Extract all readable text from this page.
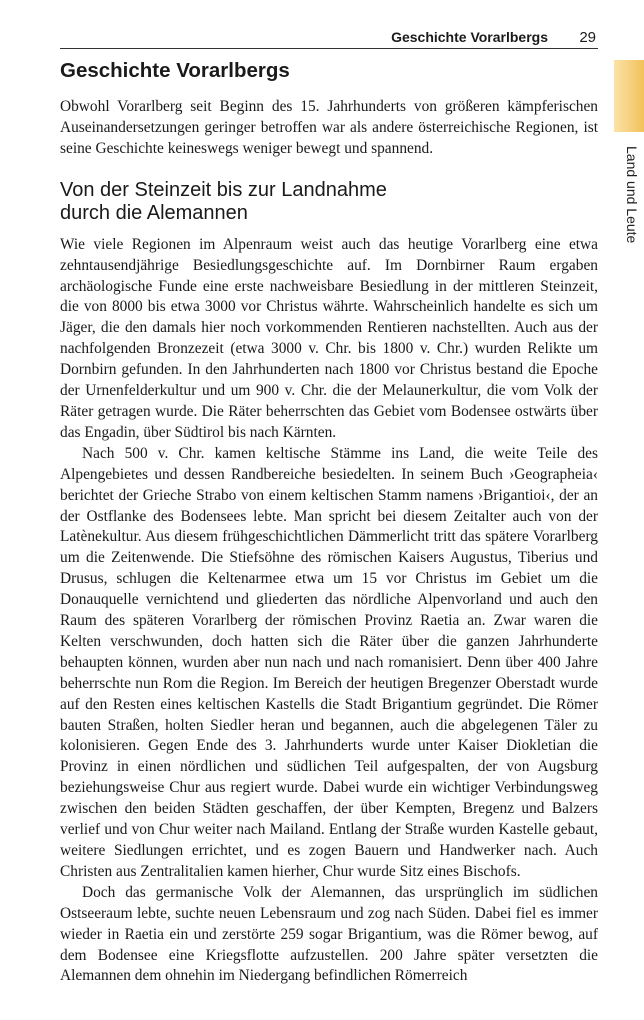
Geschichte Vorarlbergs 29
Land und Leute
Geschichte Vorarlbergs

Obwohl Vorarlberg seit Beginn des 15. Jahrhunderts von größeren kämpferischen Auseinandersetzungen geringer betroffen war als andere österreichische Regionen, ist seine Geschichte keineswegs weniger bewegt und spannend.

Von der Steinzeit bis zur Landnahme
durch die Alemannen

Wie viele Regionen im Alpenraum weist auch das heutige Vorarlberg eine etwa zehntausendjährige Besiedlungsgeschichte auf. Im Dornbirner Raum ergaben archäologische Funde eine erste nachweisbare Besiedlung in der mittleren Steinzeit, die von 8000 bis etwa 3000 vor Christus währte. Wahrscheinlich handelte es sich um Jäger, die den damals hier noch vorkommenden Rentieren nachstellten. Auch aus der nachfolgenden Bronzezeit (etwa 3000 v. Chr. bis 1800 v. Chr.) wurden Relikte um Dornbirn gefunden. In den Jahrhunderten nach 1800 vor Christus bestand die Epoche der Urnenfelderkultur und um 900 v. Chr. die der Melaunerkultur, die vom Volk der Räter getragen wurde. Die Räter beherrschten das Gebiet vom Bodensee ostwärts über das Engadin, über Südtirol bis nach Kärnten.

Nach 500 v. Chr. kamen keltische Stämme ins Land, die weite Teile des Alpengebietes und dessen Randbereiche besiedelten. In seinem Buch ›Geographeia‹ berichtet der Grieche Strabo von einem keltischen Stamm namens ›Brigantioi‹, der an der Ostflanke des Bodensees lebte. Man spricht bei diesem Zeitalter auch von der Latènekultur. Aus diesem frühgeschichtlichen Dämmerlicht tritt das spätere Vorarlberg um die Zeitenwende. Die Stiefsöhne des römischen Kaisers Augustus, Tiberius und Drusus, schlugen die Keltenarmee etwa um 15 vor Christus im Gebiet um die Donauquelle vernichtend und gliederten das nördliche Alpenvorland und auch den Raum des späteren Vorarlberg der römischen Provinz Raetia an. Zwar waren die Kelten verschwunden, doch hatten sich die Räter über die ganzen Jahrhunderte behaupten können, wurden aber nun nach und nach romanisiert. Denn über 400 Jahre beherrschte nun Rom die Region. Im Bereich der heutigen Bregenzer Oberstadt wurde auf den Resten eines keltischen Kastells die Stadt Brigantium gegründet. Die Römer bauten Straßen, holten Siedler heran und begannen, auch die abgelegenen Täler zu kolonisieren. Gegen Ende des 3. Jahrhunderts wurde unter Kaiser Diokletian die Provinz in einen nördlichen und südlichen Teil aufgespalten, der von Augsburg beziehungsweise Chur aus regiert wurde. Dabei wurde ein wichtiger Verbindungsweg zwischen den beiden Städten geschaffen, der über Kempten, Bregenz und Balzers verlief und von Chur weiter nach Mailand. Entlang der Straße wurden Kastelle gebaut, weitere Siedlungen errichtet, und es zogen Bauern und Handwerker nach. Auch Christen aus Zentralitalien kamen hierher, Chur wurde Sitz eines Bischofs.

Doch das germanische Volk der Alemannen, das ursprünglich im südlichen Ostseeraum lebte, suchte neuen Lebensraum und zog nach Süden. Dabei fiel es immer wieder in Raetia ein und zerstörte 259 sogar Brigantium, was die Römer bewog, auf dem Bodensee eine Kriegsflotte aufzustellen. 200 Jahre später versetzten die Alemannen dem ohnehin im Niedergang befindlichen Römerreich
